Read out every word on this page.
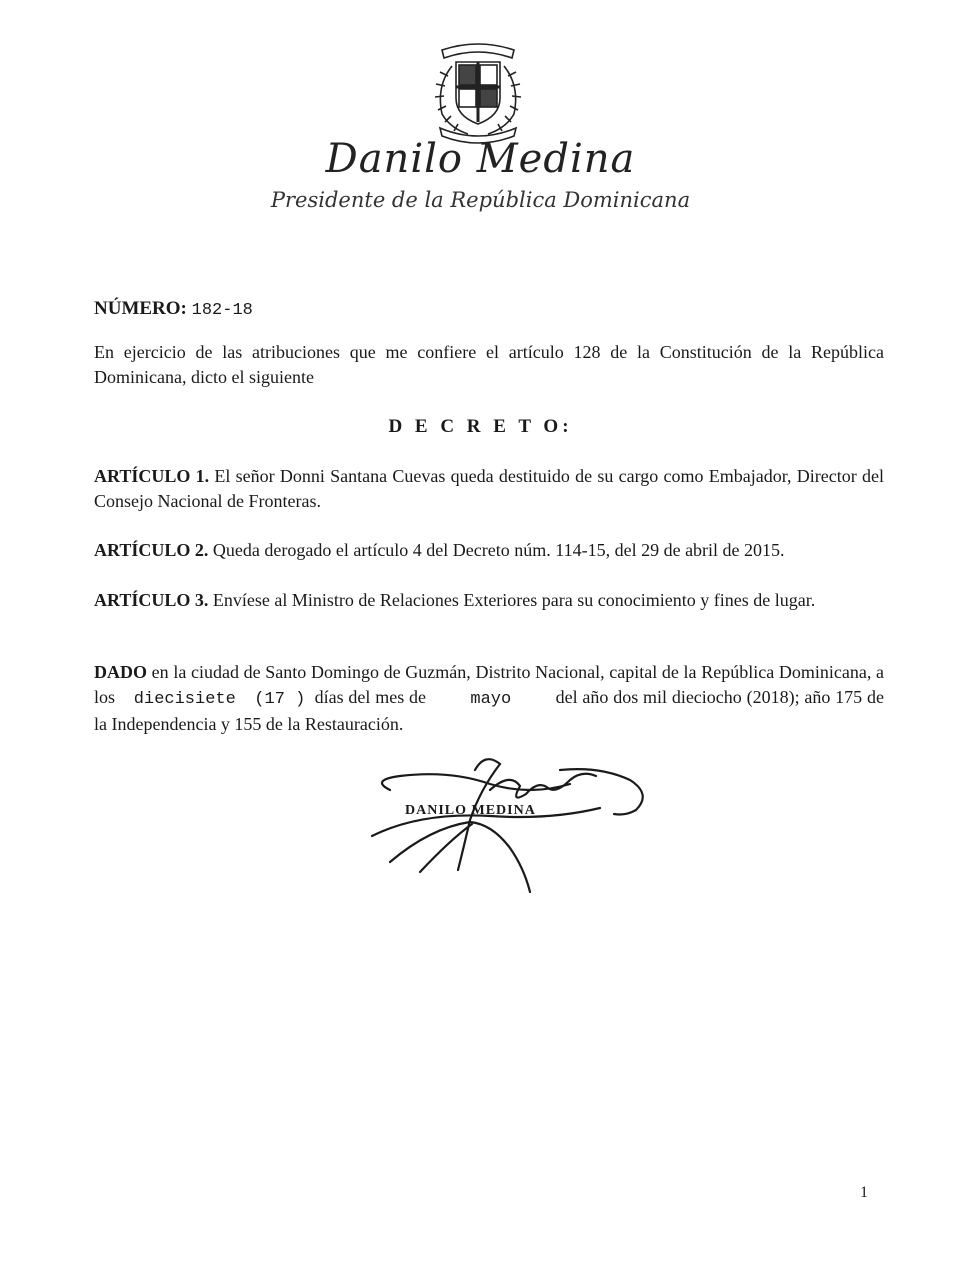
Danilo Medina
Presidente de la República Dominicana
NÚMERO: 182-18
En ejercicio de las atribuciones que me confiere el artículo 128 de la Constitución de la República Dominicana, dicto el siguiente
D E C R E T O:
ARTÍCULO 1. El señor Donni Santana Cuevas queda destituido de su cargo como Embajador, Director del Consejo Nacional de Fronteras.
ARTÍCULO 2. Queda derogado el artículo 4 del Decreto núm. 114-15, del 29 de abril de 2015.
ARTÍCULO 3. Envíese al Ministro de Relaciones Exteriores para su conocimiento y fines de lugar.
DADO en la ciudad de Santo Domingo de Guzmán, Distrito Nacional, capital de la República Dominicana, a los diecisiete (17 ) días del mes de mayo del año dos mil dieciocho (2018); año 175 de la Independencia y 155 de la Restauración.
DANILO MEDINA
1
